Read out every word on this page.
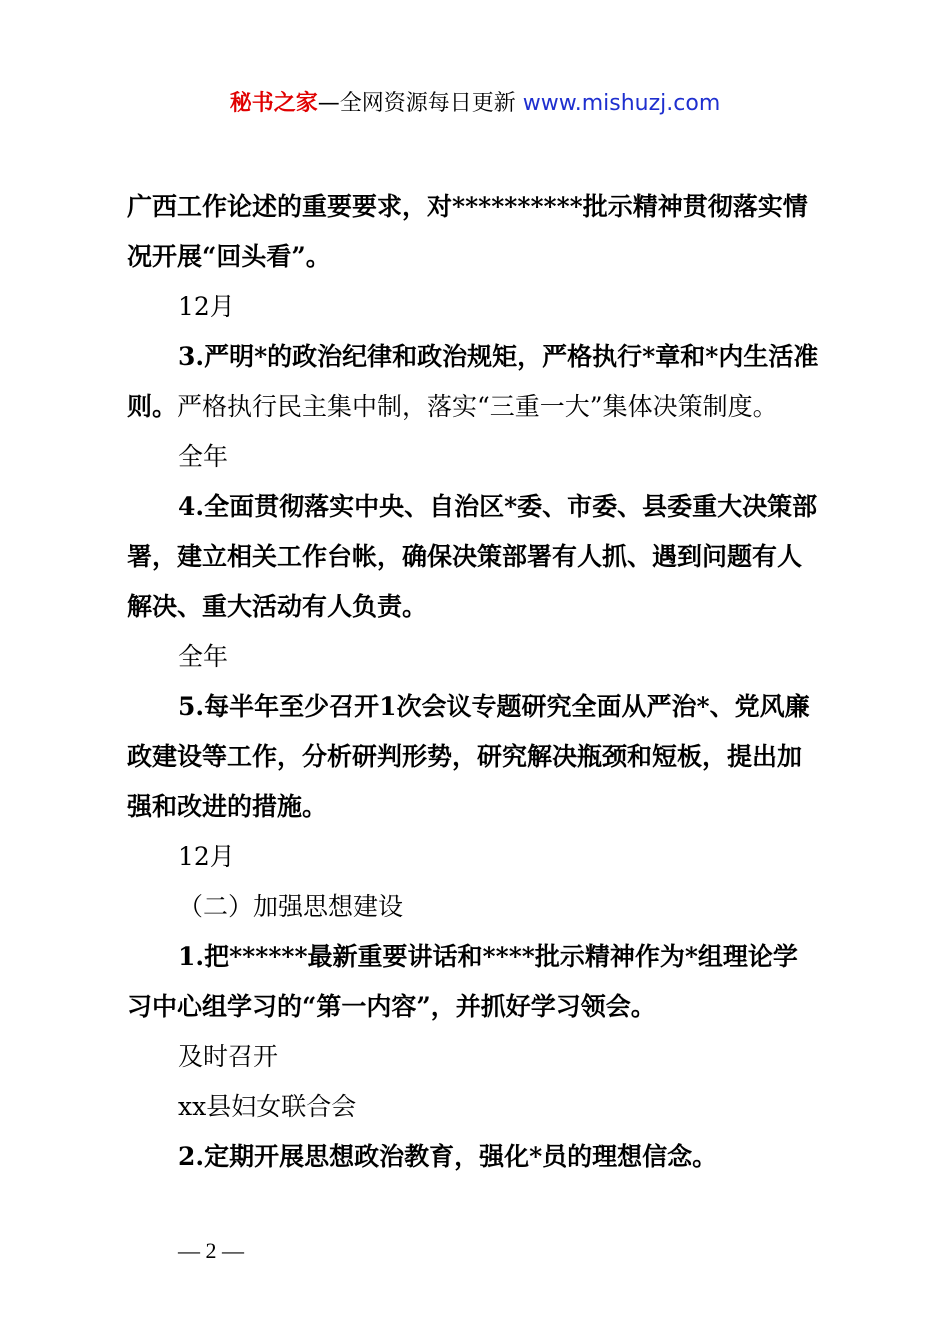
秘书之家—全网资源每日更新 www.mishuzj.com

广西工作论述的重要要求，对**********批示精神贯彻落实情
况开展“回头看”。

12月

3.严明*的政治纪律和政治规矩，严格执行*章和*内生活准
则。严格执行民主集中制，落实“三重一大”集体决策制度。

全年

4.全面贯彻落实中央、自治区*委、市委、县委重大决策部
署，建立相关工作台帐，确保决策部署有人抓、遇到问题有人
解决、重大活动有人负责。

全年

5.每半年至少召开1次会议专题研究全面从严治*、党风廉
政建设等工作，分析研判形势，研究解决瓶颈和短板，提出加
强和改进的措施。

12月

（二）加强思想建设

1.把******最新重要讲话和****批示精神作为*组理论学
习中心组学习的“第一内容”，并抓好学习领会。

及时召开

xx县妇女联合会

2.定期开展思想政治教育，强化*员的理想信念。

— 2 —
